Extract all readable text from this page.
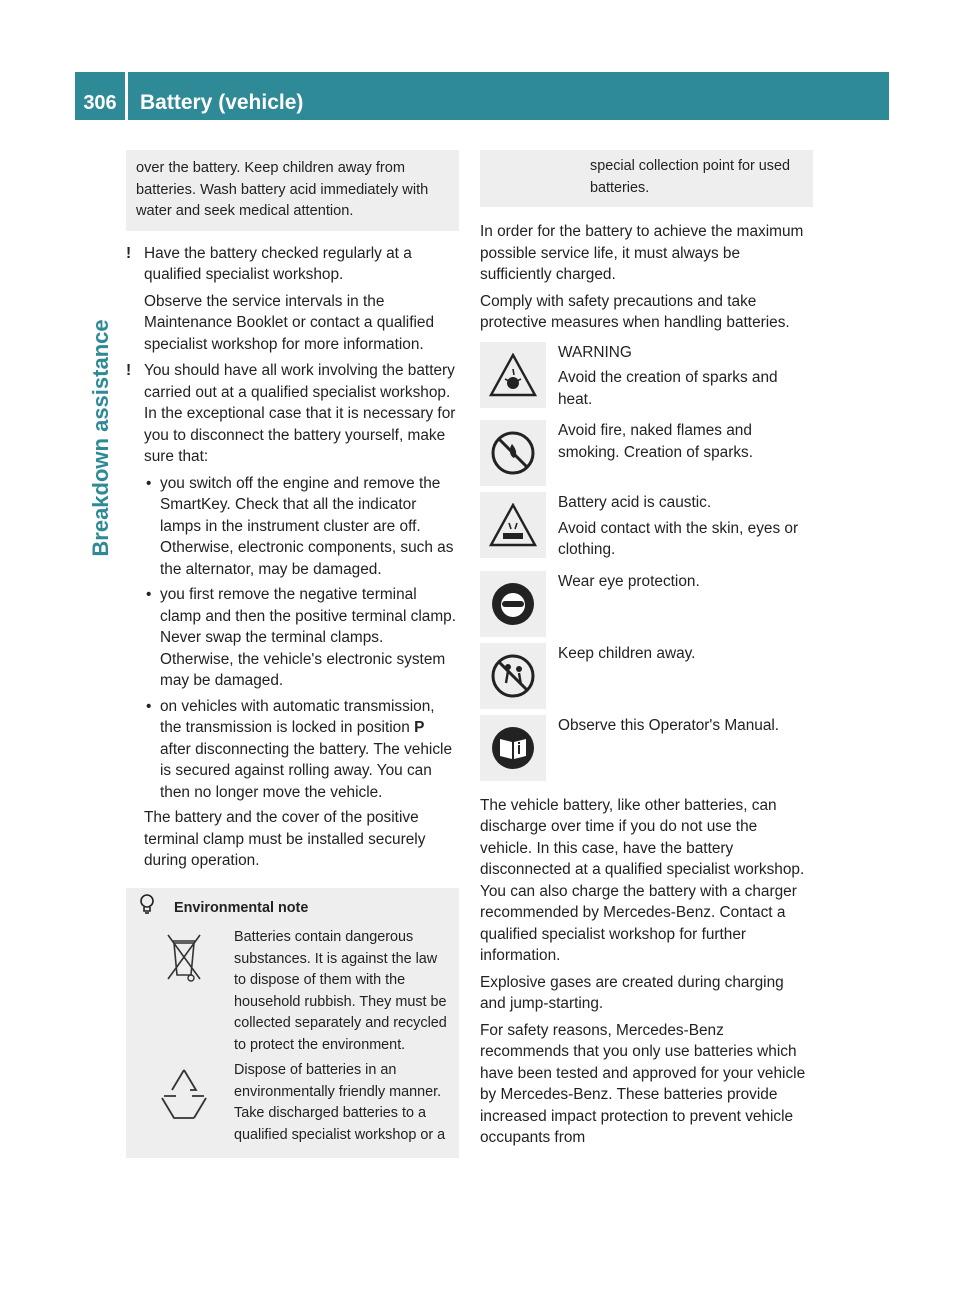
306	Battery (vehicle)
Breakdown assistance
over the battery. Keep children away from batteries. Wash battery acid immediately with water and seek medical attention.
! Have the battery checked regularly at a qualified specialist workshop.

Observe the service intervals in the Maintenance Booklet or contact a qualified specialist workshop for more information.

! You should have all work involving the battery carried out at a qualified specialist workshop. In the exceptional case that it is necessary for you to disconnect the battery yourself, make sure that:

• you switch off the engine and remove the SmartKey. Check that all the indicator lamps in the instrument cluster are off. Otherwise, electronic components, such as the alternator, may be damaged.
• you first remove the negative terminal clamp and then the positive terminal clamp. Never swap the terminal clamps. Otherwise, the vehicle's electronic system may be damaged.
• on vehicles with automatic transmission, the transmission is locked in position P after disconnecting the battery. The vehicle is secured against rolling away. You can then no longer move the vehicle.

The battery and the cover of the positive terminal clamp must be installed securely during operation.

Environmental note
Batteries contain dangerous substances. It is against the law to dispose of them with the household rubbish. They must be collected separately and recycled to protect the environment.
Dispose of batteries in an environmentally friendly manner. Take discharged batteries to a qualified specialist workshop or a
special collection point for used batteries.

In order for the battery to achieve the maximum possible service life, it must always be sufficiently charged.

Comply with safety precautions and take protective measures when handling batteries.

WARNING

Avoid the creation of sparks and heat.

Avoid fire, naked flames and smoking. Creation of sparks.

Battery acid is caustic.

Avoid contact with the skin, eyes or clothing.

Wear eye protection.

Keep children away.

Observe this Operator's Manual.

The vehicle battery, like other batteries, can discharge over time if you do not use the vehicle. In this case, have the battery disconnected at a qualified specialist workshop. You can also charge the battery with a charger recommended by Mercedes-Benz. Contact a qualified specialist workshop for further information.

Explosive gases are created during charging and jump-starting.

For safety reasons, Mercedes-Benz recommends that you only use batteries which have been tested and approved for your vehicle by Mercedes-Benz. These batteries provide increased impact protection to prevent vehicle occupants from
